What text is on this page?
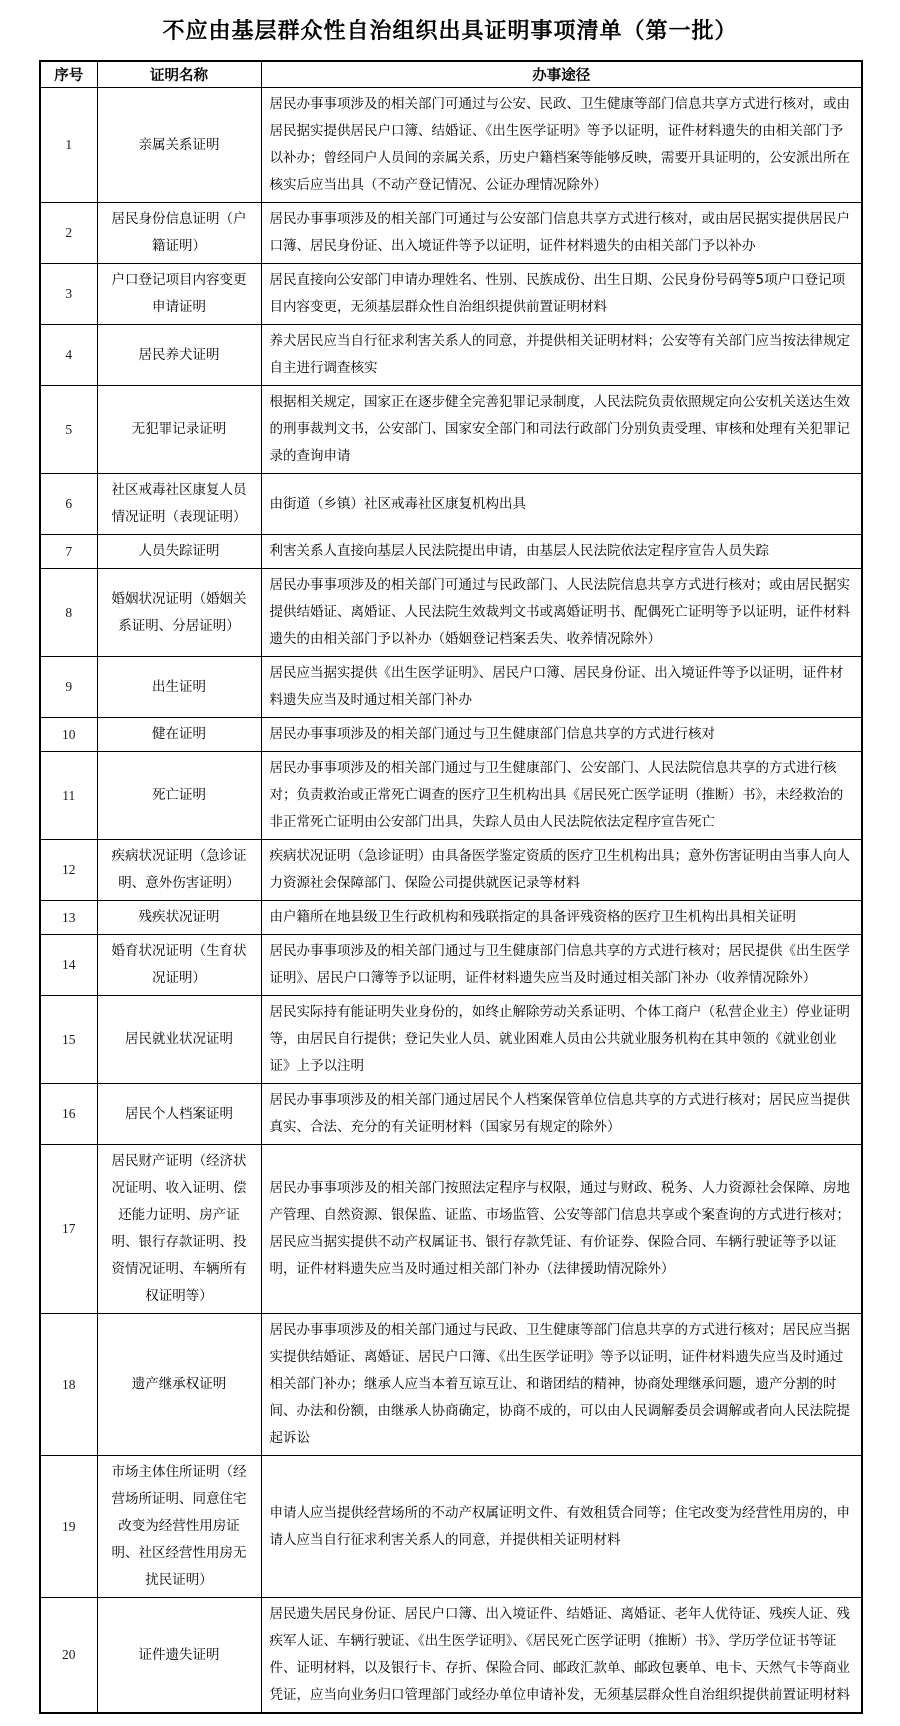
不应由基层群众性自治组织出具证明事项清单（第一批）
序号	证明名称	办事途径
1	亲属关系证明	居民办事事项涉及的相关部门可通过与公安、民政、卫生健康等部门信息共享方式进行核对，或由居民据实提供居民户口簿、结婚证、《出生医学证明》等予以证明，证件材料遗失的由相关部门予以补办；曾经同户人员间的亲属关系，历史户籍档案等能够反映，需要开具证明的，公安派出所在核实后应当出具（不动产登记情况、公证办理情况除外）
2	居民身份信息证明（户籍证明）	居民办事事项涉及的相关部门可通过与公安部门信息共享方式进行核对，或由居民据实提供居民户口簿、居民身份证、出入境证件等予以证明，证件材料遗失的由相关部门予以补办
3	户口登记项目内容变更申请证明	居民直接向公安部门申请办理姓名、性别、民族成份、出生日期、公民身份号码等5项户口登记项目内容变更，无须基层群众性自治组织提供前置证明材料
4	居民养犬证明	养犬居民应当自行征求利害关系人的同意，并提供相关证明材料；公安等有关部门应当按法律规定自主进行调查核实
5	无犯罪记录证明	根据相关规定，国家正在逐步健全完善犯罪记录制度，人民法院负责依照规定向公安机关送达生效的刑事裁判文书，公安部门、国家安全部门和司法行政部门分别负责受理、审核和处理有关犯罪记录的查询申请
6	社区戒毒社区康复人员情况证明（表现证明）	由街道（乡镇）社区戒毒社区康复机构出具
7	人员失踪证明	利害关系人直接向基层人民法院提出申请，由基层人民法院依法定程序宣告人员失踪
8	婚姻状况证明（婚姻关系证明、分居证明）	居民办事事项涉及的相关部门可通过与民政部门、人民法院信息共享方式进行核对；或由居民据实提供结婚证、离婚证、人民法院生效裁判文书或离婚证明书、配偶死亡证明等予以证明，证件材料遗失的由相关部门予以补办（婚姻登记档案丢失、收养情况除外）
9	出生证明	居民应当据实提供《出生医学证明》、居民户口簿、居民身份证、出入境证件等予以证明，证件材料遗失应当及时通过相关部门补办
10	健在证明	居民办事事项涉及的相关部门通过与卫生健康部门信息共享的方式进行核对
11	死亡证明	居民办事事项涉及的相关部门通过与卫生健康部门、公安部门、人民法院信息共享的方式进行核对；负责救治或正常死亡调查的医疗卫生机构出具《居民死亡医学证明（推断）书》，未经救治的非正常死亡证明由公安部门出具，失踪人员由人民法院依法定程序宣告死亡
12	疾病状况证明（急诊证明、意外伤害证明）	疾病状况证明（急诊证明）由具备医学鉴定资质的医疗卫生机构出具；意外伤害证明由当事人向人力资源社会保障部门、保险公司提供就医记录等材料
13	残疾状况证明	由户籍所在地县级卫生行政机构和残联指定的具备评残资格的医疗卫生机构出具相关证明
14	婚育状况证明（生育状况证明）	居民办事事项涉及的相关部门通过与卫生健康部门信息共享的方式进行核对；居民提供《出生医学证明》、居民户口簿等予以证明，证件材料遗失应当及时通过相关部门补办（收养情况除外）
15	居民就业状况证明	居民实际持有能证明失业身份的，如终止解除劳动关系证明、个体工商户（私营企业主）停业证明等，由居民自行提供；登记失业人员、就业困难人员由公共就业服务机构在其申领的《就业创业证》上予以注明
16	居民个人档案证明	居民办事事项涉及的相关部门通过居民个人档案保管单位信息共享的方式进行核对；居民应当提供真实、合法、充分的有关证明材料（国家另有规定的除外）
17	居民财产证明（经济状况证明、收入证明、偿还能力证明、房产证明、银行存款证明、投资情况证明、车辆所有权证明等）	居民办事事项涉及的相关部门按照法定程序与权限，通过与财政、税务、人力资源社会保障、房地产管理、自然资源、银保监、证监、市场监管、公安等部门信息共享或个案查询的方式进行核对；居民应当据实提供不动产权属证书、银行存款凭证、有价证券、保险合同、车辆行驶证等予以证明，证件材料遗失应当及时通过相关部门补办（法律援助情况除外）
18	遗产继承权证明	居民办事事项涉及的相关部门通过与民政、卫生健康等部门信息共享的方式进行核对；居民应当据实提供结婚证、离婚证、居民户口簿、《出生医学证明》等予以证明，证件材料遗失应当及时通过相关部门补办；继承人应当本着互谅互让、和谐团结的精神，协商处理继承问题，遗产分割的时间、办法和份额，由继承人协商确定，协商不成的，可以由人民调解委员会调解或者向人民法院提起诉讼
19	市场主体住所证明（经营场所证明、同意住宅改变为经营性用房证明、社区经营性用房无扰民证明）	申请人应当提供经营场所的不动产权属证明文件、有效租赁合同等；住宅改变为经营性用房的，申请人应当自行征求利害关系人的同意，并提供相关证明材料
20	证件遗失证明	居民遗失居民身份证、居民户口簿、出入境证件、结婚证、离婚证、老年人优待证、残疾人证、残疾军人证、车辆行驶证、《出生医学证明》、《居民死亡医学证明（推断）书》、学历学位证书等证件、证明材料，以及银行卡、存折、保险合同、邮政汇款单、邮政包裹单、电卡、天然气卡等商业凭证，应当向业务归口管理部门或经办单位申请补发，无须基层群众性自治组织提供前置证明材料
